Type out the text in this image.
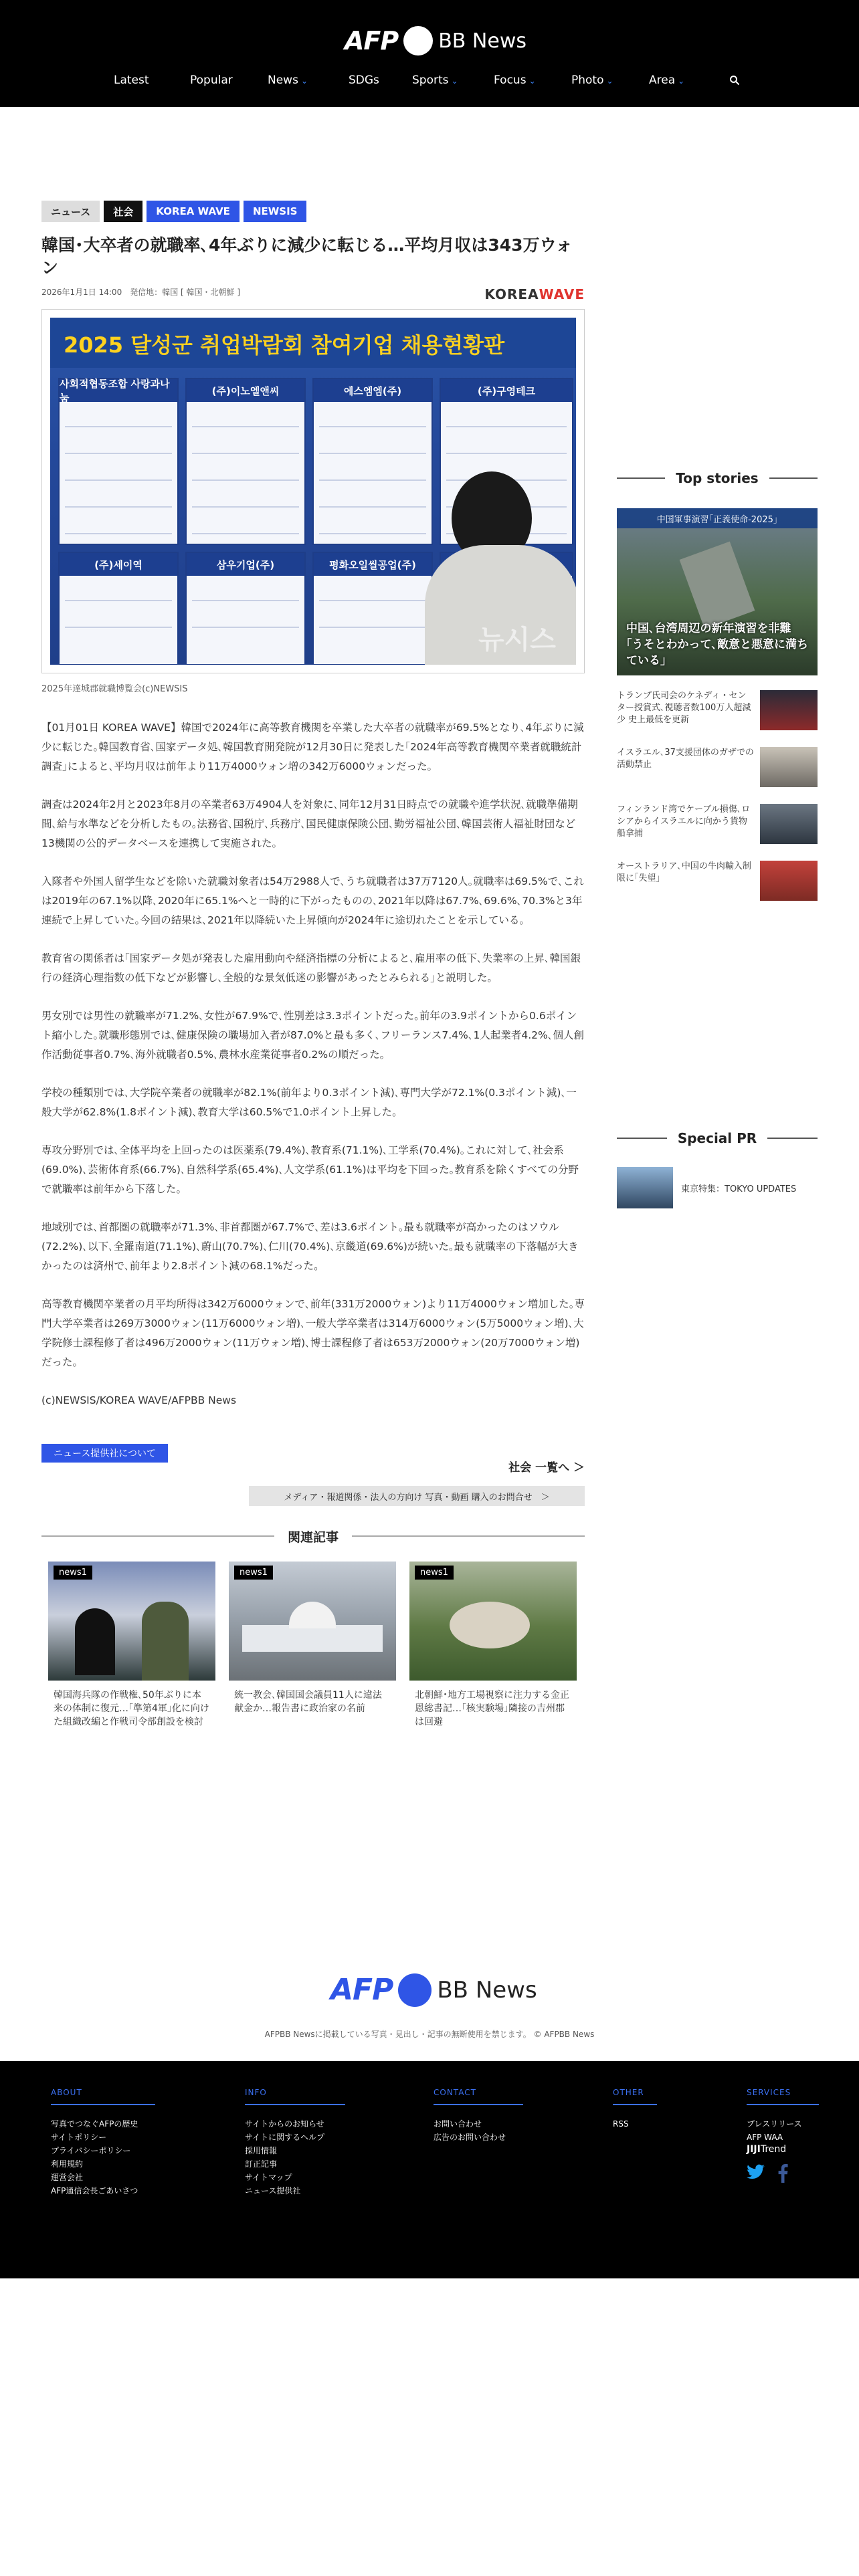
AFP BB News
Latest	Popular	News ⌄	SDGs	Sports ⌄	Focus ⌄	Photo ⌄	Area ⌄
ニュース	社会	KOREA WAVE	NEWSIS
韓国･大卒者の就職率､4年ぶりに減少に転じる…平均月収は343万ウォン
2026年1月1日 14:00　発信地：韓国 [ 韓国・北朝鮮 ]	KOREAWAVE
2025 달성군 취업박람회 참여기업 채용현황판
사회적협동조합 사랑과나눔
(주)이노엘앤씨	에스엠엠(주)	(주)구영테크
(주)세이역	삼우기업(주)	평화오일씰공업(주)
뉴시스
2025年達城郡就職博覧会(c)NEWSIS

【01月01日 KOREA WAVE】韓国で2024年に高等教育機関を卒業した大卒者の就職率が69.5%となり､4年ぶりに減少に転じた｡韓国教育省､国家データ処､韓国教育開発院が12月30日に発表した｢2024年高等教育機関卒業者就職統計調査｣によると､平均月収は前年より11万4000ウォン増の342万6000ウォンだった｡

調査は2024年2月と2023年8月の卒業者63万4904人を対象に､同年12月31日時点での就職や進学状況､就職準備期間､給与水準などを分析したもの｡法務省､国税庁､兵務庁､国民健康保険公団､勤労福祉公団､韓国芸術人福祉財団など13機関の公的データベースを連携して実施された｡

入隊者や外国人留学生などを除いた就職対象者は54万2988人で､うち就職者は37万7120人｡就職率は69.5%で､これは2019年の67.1%以降､2020年に65.1%へと一時的に下がったものの､2021年以降は67.7%､69.6%､70.3%と3年連続で上昇していた｡今回の結果は､2021年以降続いた上昇傾向が2024年に途切れたことを示している｡

教育省の関係者は｢国家データ処が発表した雇用動向や経済指標の分析によると､雇用率の低下､失業率の上昇､韓国銀行の経済心理指数の低下などが影響し､全般的な景気低迷の影響があったとみられる｣と説明した｡

男女別では男性の就職率が71.2%､女性が67.9%で､性別差は3.3ポイントだった｡前年の3.9ポイントから0.6ポイント縮小した｡就職形態別では､健康保険の職場加入者が87.0%と最も多く､フリーランス7.4%､1人起業者4.2%､個人創作活動従事者0.7%､海外就職者0.5%､農林水産業従事者0.2%の順だった｡

学校の種類別では､大学院卒業者の就職率が82.1%(前年より0.3ポイント減)､専門大学が72.1%(0.3ポイント減)､一般大学が62.8%(1.8ポイント減)､教育大学は60.5%で1.0ポイント上昇した｡

専攻分野別では､全体平均を上回ったのは医薬系(79.4%)､教育系(71.1%)､工学系(70.4%)｡これに対して､社会系(69.0%)､芸術体育系(66.7%)､自然科学系(65.4%)､人文学系(61.1%)は平均を下回った｡教育系を除くすべての分野で就職率は前年から下落した｡

地域別では､首都圏の就職率が71.3%､非首都圏が67.7%で､差は3.6ポイント｡最も就職率が高かったのはソウル(72.2%)､以下､全羅南道(71.1%)､蔚山(70.7%)､仁川(70.4%)､京畿道(69.6%)が続いた｡最も就職率の下落幅が大きかったのは済州で､前年より2.8ポイント減の68.1%だった｡

高等教育機関卒業者の月平均所得は342万6000ウォンで､前年(331万2000ウォン)より11万4000ウォン増加した｡専門大学卒業者は269万3000ウォン(11万6000ウォン増)､一般大学卒業者は314万6000ウォン(5万5000ウォン増)､大学院修士課程修了者は496万2000ウォン(11万ウォン増)､博士課程修了者は653万2000ウォン(20万7000ウォン増)だった｡

(c)NEWSIS/KOREA WAVE/AFPBB News

ニュース提供社について
社会 一覧へ ＞
メディア・報道関係・法人の方向け 写真・動画 購入のお問合せ　＞
関連記事
news1
韓国海兵隊の作戦権､50年ぶりに本来の体制に復元…｢準第4軍｣化に向けた組織改編と作戦司令部創設を検討
news1
統一教会､韓国国会議員11人に違法献金か…報告書に政治家の名前
news1
北朝鮮･地方工場視察に注力する金正恩総書記…｢核実験場｣隣接の吉州郡は回避
Top stories
中国軍事演習｢正義使命-2025｣
中国､台湾周辺の新年演習を非難 ｢うそとわかって､敵意と悪意に満ちている｣
トランプ氏司会のケネディ・センター授賞式､視聴者数100万人超減少 史上最低を更新
イスラエル､37支援団体のガザでの活動禁止
フィンランド湾でケーブル損傷､ロシアからイスラエルに向かう貨物船拿捕
オーストラリア､中国の牛肉輸入制限に｢失望｣
Special PR
東京特集：TOKYO UPDATES
AFP BB News
AFPBB Newsに掲載している写真・見出し・記事の無断使用を禁じます。 © AFPBB News
ABOUT
写真でつなぐAFPの歴史
サイトポリシー
プライバシーポリシー
利用規約
運営会社
AFP通信会長ごあいさつ
INFO
サイトからのお知らせ
サイトに関するヘルプ
採用情報
訂正記事
サイトマップ
ニュース提供社
CONTACT
お問い合わせ
広告のお問い合わせ
OTHER
RSS
SERVICES
プレスリリース
AFP WAA
JIJITrend
